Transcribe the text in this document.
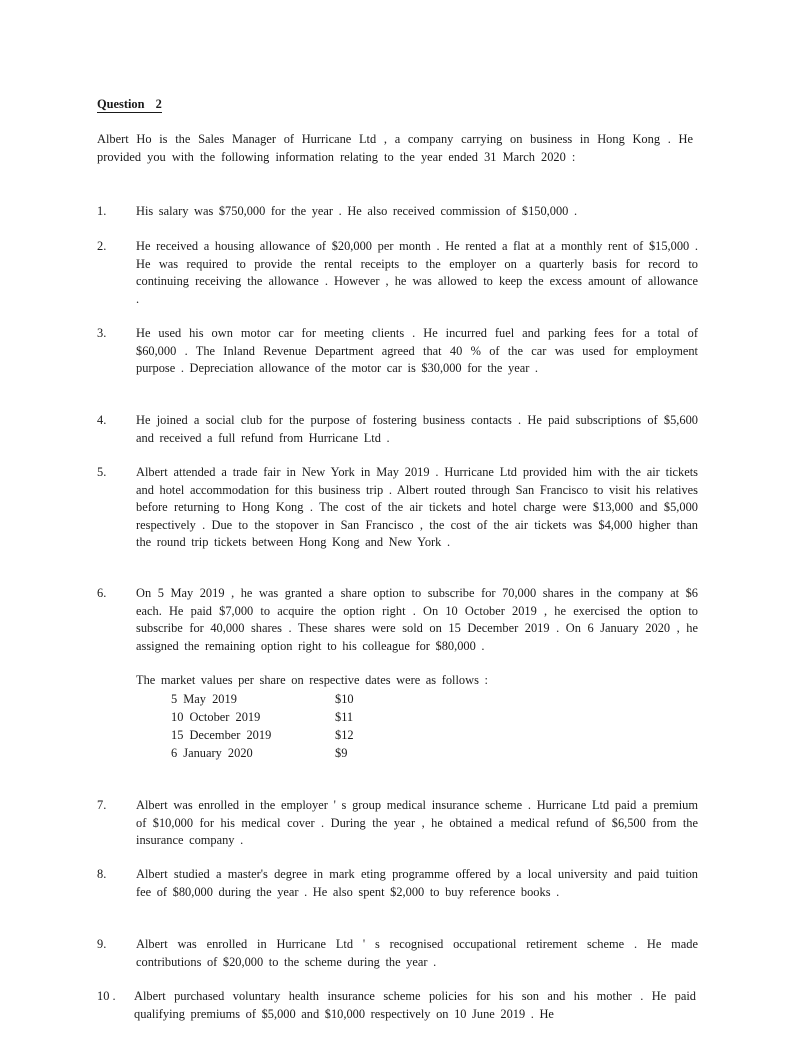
Question 2
Albert Ho is the Sales Manager of Hurricane Ltd , a company carrying on business in Hong Kong . He provided you with the following information relating to the year ended 31 March 2020 :
1.	His salary was $750,000 for the year . He also received commission of $150,000 .
2.	He received a housing allowance of $20,000 per month . He rented a flat at a monthly rent of $15,000 . He was required to provide the rental receipts to the employer on a quarterly basis for record to continuing receiving the allowance . However , he was allowed to keep the excess amount of allowance .
3.	He used his own motor car for meeting clients . He incurred fuel and parking fees for a total of $60,000 . The Inland Revenue Department agreed that 40 % of the car was used for employment purpose . Depreciation allowance of the motor car is $30,000 for the year .
4.	He joined a social club for the purpose of fostering business contacts . He paid subscriptions of $5,600 and received a full refund from Hurricane Ltd .
5.	Albert attended a trade fair in New York in May 2019 . Hurricane Ltd provided him with the air tickets and hotel accommodation for this business trip . Albert routed through San Francisco to visit his relatives before returning to Hong Kong . The cost of the air tickets and hotel charge were $13,000 and $5,000 respectively . Due to the stopover in San Francisco , the cost of the air tickets was $4,000 higher than the round trip tickets between Hong Kong and New York .
6.	On 5 May 2019 , he was granted a share option to subscribe for 70,000 shares in the company at $6 each. He paid $7,000 to acquire the option right . On 10 October 2019 , he exercised the option to subscribe for 40,000 shares . These shares were sold on 15 December 2019 . On 6 January 2020 , he assigned the remaining option right to his colleague for $80,000 .

The market values per share on respective dates were as follows :

5 May 2019	$10
10 October 2019	$11
15 December 2019	$12
6 January 2020	$9
7.	Albert was enrolled in the employer ' s group medical insurance scheme . Hurricane Ltd paid a premium of $10,000 for his medical cover . During the year , he obtained a medical refund of $6,500 from the insurance company .
8.	Albert studied a master's degree in mark eting programme offered by a local university and paid tuition fee of $80,000 during the year . He also spent $2,000 to buy reference books .
9.	Albert was enrolled in Hurricane Ltd ' s recognised occupational retirement scheme . He made contributions of $20,000 to the scheme during the year .
10 .	Albert purchased voluntary health insurance scheme policies for his son and his mother . He paid qualifying premiums of $5,000 and $10,000 respectively on 10 June 2019 . He
